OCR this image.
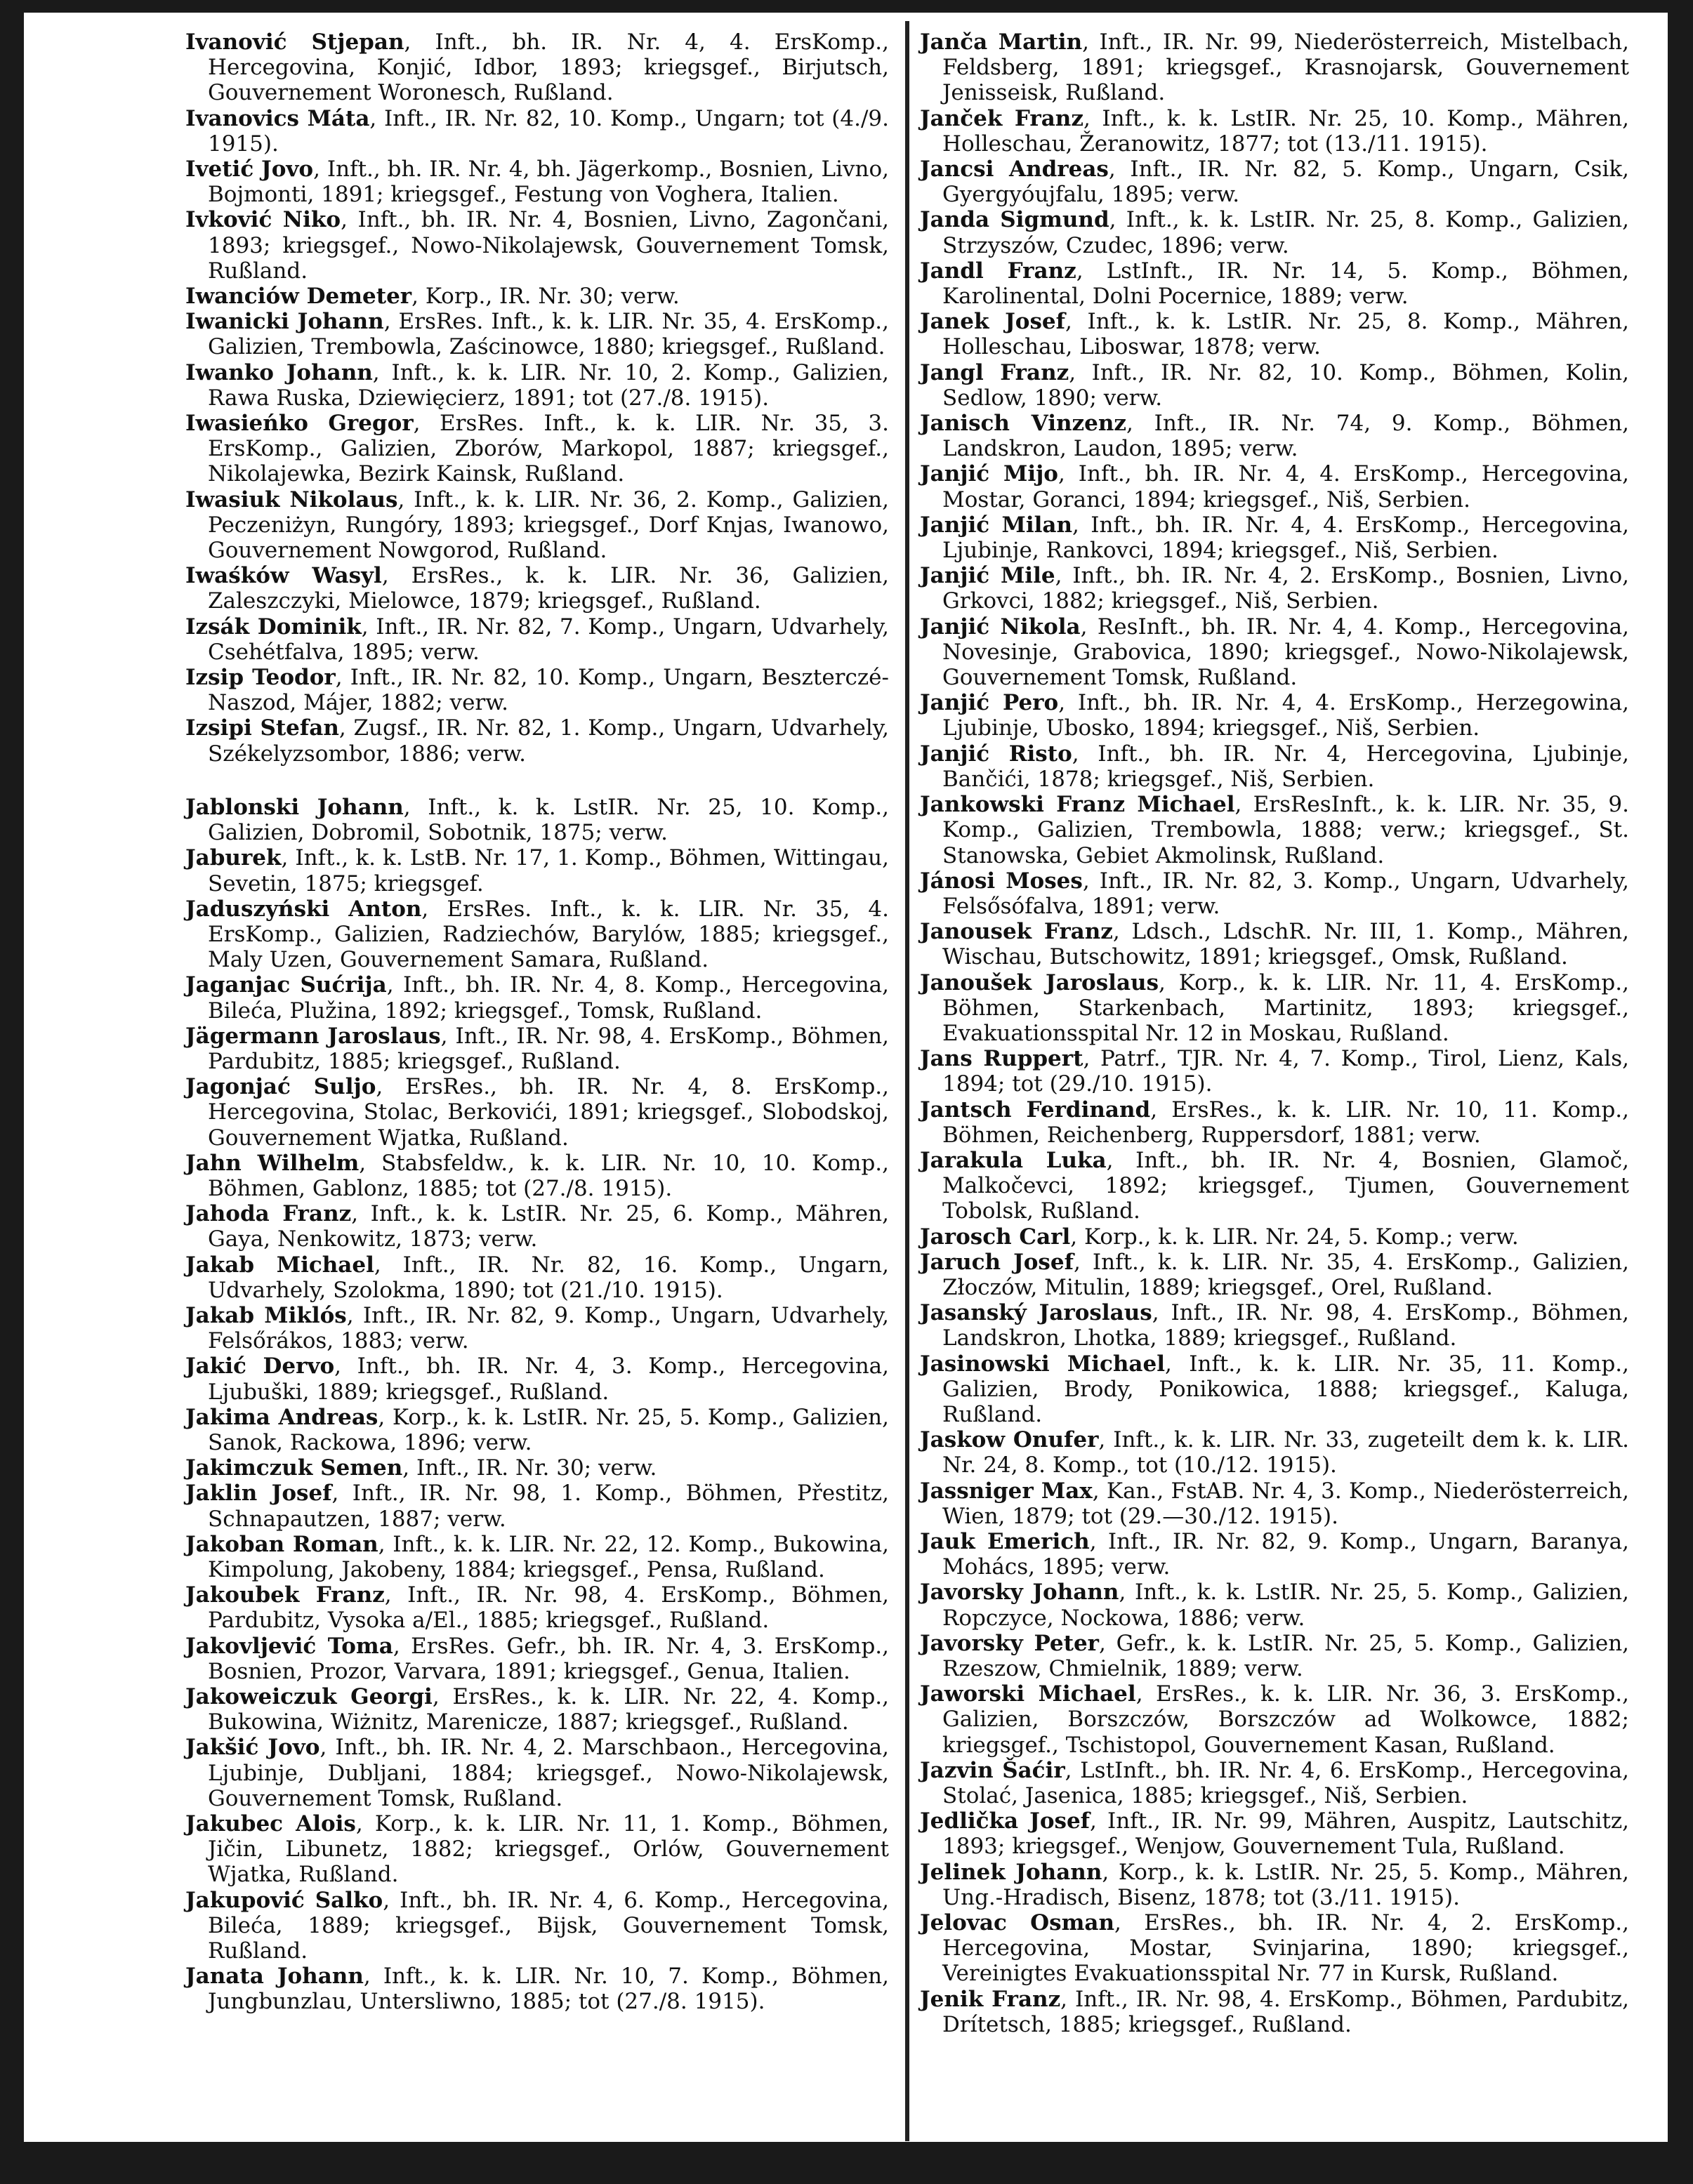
Ivanović Stjepan, Inft., bh. IR. Nr. 4, 4. ErsKomp., Hercegovina, Konjić, Idbor, 1893; kriegsgef., Birjutsch, Gouvernement Woronesch, Rußland.
Ivanovics Máta, Inft., IR. Nr. 82, 10. Komp., Ungarn; tot (4./9. 1915).
Ivetić Jovo, Inft., bh. IR. Nr. 4, bh. Jägerkomp., Bosnien, Livno, Bojmonti, 1891; kriegsgef., Festung von Voghera, Italien.
Ivković Niko, Inft., bh. IR. Nr. 4, Bosnien, Livno, Zagončani, 1893; kriegsgef., Nowo-Nikolajewsk, Gouvernement Tomsk, Rußland.
Iwanciów Demeter, Korp., IR. Nr. 30; verw.
Iwanicki Johann, ErsRes. Inft., k. k. LIR. Nr. 35, 4. ErsKomp., Galizien, Trembowla, Zaścinowce, 1880; kriegsgef., Rußland.
Iwanko Johann, Inft., k. k. LIR. Nr. 10, 2. Komp., Galizien, Rawa Ruska, Dziewięcierz, 1891; tot (27./8. 1915).
Iwasieńko Gregor, ErsRes. Inft., k. k. LIR. Nr. 35, 3. ErsKomp., Galizien, Zborów, Markopol, 1887; kriegsgef., Nikolajewka, Bezirk Kainsk, Rußland.
Iwasiuk Nikolaus, Inft., k. k. LIR. Nr. 36, 2. Komp., Galizien, Peczeniżyn, Rungóry, 1893; kriegsgef., Dorf Knjas, Iwanowo, Gouvernement Nowgorod, Rußland.
Iwaśków Wasyl, ErsRes., k. k. LIR. Nr. 36, Galizien, Zaleszczyki, Mielowce, 1879; kriegsgef., Rußland.
Izsák Dominik, Inft., IR. Nr. 82, 7. Komp., Ungarn, Udvarhely, Csehétfalva, 1895; verw.
Izsip Teodor, Inft., IR. Nr. 82, 10. Komp., Ungarn, Beszterczé-Naszod, Májer, 1882; verw.
Izsipi Stefan, Zugsf., IR. Nr. 82, 1. Komp., Ungarn, Udvarhely, Székelyzsombor, 1886; verw.
Jablonski Johann, Inft., k. k. LstIR. Nr. 25, 10. Komp., Galizien, Dobromil, Sobotnik, 1875; verw.
Jaburek, Inft., k. k. LstB. Nr. 17, 1. Komp., Böhmen, Wittingau, Sevetin, 1875; kriegsgef.
Jaduszyński Anton, ErsRes. Inft., k. k. LIR. Nr. 35, 4. ErsKomp., Galizien, Radziechów, Barylów, 1885; kriegsgef., Maly Uzen, Gouvernement Samara, Rußland.
Jaganjac Sućrija, Inft., bh. IR. Nr. 4, 8. Komp., Hercegovina, Bileća, Plužina, 1892; kriegsgef., Tomsk, Rußland.
Jägermann Jaroslaus, Inft., IR. Nr. 98, 4. ErsKomp., Böhmen, Pardubitz, 1885; kriegsgef., Rußland.
Jagonjać Suljo, ErsRes., bh. IR. Nr. 4, 8. ErsKomp., Hercegovina, Stolac, Berkovići, 1891; kriegsgef., Slobodskoj, Gouvernement Wjatka, Rußland.
Jahn Wilhelm, Stabsfeldw., k. k. LIR. Nr. 10, 10. Komp., Böhmen, Gablonz, 1885; tot (27./8. 1915).
Jahoda Franz, Inft., k. k. LstIR. Nr. 25, 6. Komp., Mähren, Gaya, Nenkowitz, 1873; verw.
Jakab Michael, Inft., IR. Nr. 82, 16. Komp., Ungarn, Udvarhely, Szolokma, 1890; tot (21./10. 1915).
Jakab Miklós, Inft., IR. Nr. 82, 9. Komp., Ungarn, Udvarhely, Felsőrákos, 1883; verw.
Jakić Dervo, Inft., bh. IR. Nr. 4, 3. Komp., Hercegovina, Ljubuški, 1889; kriegsgef., Rußland.
Jakima Andreas, Korp., k. k. LstIR. Nr. 25, 5. Komp., Galizien, Sanok, Rackowa, 1896; verw.
Jakimczuk Semen, Inft., IR. Nr. 30; verw.
Jaklin Josef, Inft., IR. Nr. 98, 1. Komp., Böhmen, Přestitz, Schnapautzen, 1887; verw.
Jakoban Roman, Inft., k. k. LIR. Nr. 22, 12. Komp., Bukowina, Kimpolung, Jakobeny, 1884; kriegsgef., Pensa, Rußland.
Jakoubek Franz, Inft., IR. Nr. 98, 4. ErsKomp., Böhmen, Pardubitz, Vysoka a/El., 1885; kriegsgef., Rußland.
Jakovljević Toma, ErsRes. Gefr., bh. IR. Nr. 4, 3. ErsKomp., Bosnien, Prozor, Varvara, 1891; kriegsgef., Genua, Italien.
Jakoweiczuk Georgi, ErsRes., k. k. LIR. Nr. 22, 4. Komp., Bukowina, Wiżnitz, Marenicze, 1887; kriegsgef., Rußland.
Jakšić Jovo, Inft., bh. IR. Nr. 4, 2. Marschbaon., Hercegovina, Ljubinje, Dubljani, 1884; kriegsgef., Nowo-Nikolajewsk, Gouvernement Tomsk, Rußland.
Jakubec Alois, Korp., k. k. LIR. Nr. 11, 1. Komp., Böhmen, Jičin, Libunetz, 1882; kriegsgef., Orlów, Gouvernement Wjatka, Rußland.
Jakupović Salko, Inft., bh. IR. Nr. 4, 6. Komp., Hercegovina, Bileća, 1889; kriegsgef., Bijsk, Gouvernement Tomsk, Rußland.
Janata Johann, Inft., k. k. LIR. Nr. 10, 7. Komp., Böhmen, Jungbunzlau, Untersliwno, 1885; tot (27./8. 1915).
Janča Martin, Inft., IR. Nr. 99, Niederösterreich, Mistelbach, Feldsberg, 1891; kriegsgef., Krasnojarsk, Gouvernement Jenisseisk, Rußland.
Janček Franz, Inft., k. k. LstIR. Nr. 25, 10. Komp., Mähren, Holleschau, Žeranowitz, 1877; tot (13./11. 1915).
Jancsi Andreas, Inft., IR. Nr. 82, 5. Komp., Ungarn, Csik, Gyergyóujfalu, 1895; verw.
Janda Sigmund, Inft., k. k. LstIR. Nr. 25, 8. Komp., Galizien, Strzyszów, Czudec, 1896; verw.
Jandl Franz, LstInft., IR. Nr. 14, 5. Komp., Böhmen, Karolinental, Dolni Pocernice, 1889; verw.
Janek Josef, Inft., k. k. LstIR. Nr. 25, 8. Komp., Mähren, Holleschau, Liboswar, 1878; verw.
Jangl Franz, Inft., IR. Nr. 82, 10. Komp., Böhmen, Kolin, Sedlow, 1890; verw.
Janisch Vinzenz, Inft., IR. Nr. 74, 9. Komp., Böhmen, Landskron, Laudon, 1895; verw.
Janjić Mijo, Inft., bh. IR. Nr. 4, 4. ErsKomp., Hercegovina, Mostar, Goranci, 1894; kriegsgef., Niš, Serbien.
Janjić Milan, Inft., bh. IR. Nr. 4, 4. ErsKomp., Hercegovina, Ljubinje, Rankovci, 1894; kriegsgef., Niš, Serbien.
Janjić Mile, Inft., bh. IR. Nr. 4, 2. ErsKomp., Bosnien, Livno, Grkovci, 1882; kriegsgef., Niš, Serbien.
Janjić Nikola, ResInft., bh. IR. Nr. 4, 4. Komp., Hercegovina, Novesinje, Grabovica, 1890; kriegsgef., Nowo-Nikolajewsk, Gouvernement Tomsk, Rußland.
Janjić Pero, Inft., bh. IR. Nr. 4, 4. ErsKomp., Herzegowina, Ljubinje, Ubosko, 1894; kriegsgef., Niš, Serbien.
Janjić Risto, Inft., bh. IR. Nr. 4, Hercegovina, Ljubinje, Bančići, 1878; kriegsgef., Niš, Serbien.
Jankowski Franz Michael, ErsResInft., k. k. LIR. Nr. 35, 9. Komp., Galizien, Trembowla, 1888; verw.; kriegsgef., St. Stanowska, Gebiet Akmolinsk, Rußland.
Jánosi Moses, Inft., IR. Nr. 82, 3. Komp., Ungarn, Udvarhely, Felsősófalva, 1891; verw.
Janousek Franz, Ldsch., LdschR. Nr. III, 1. Komp., Mähren, Wischau, Butschowitz, 1891; kriegsgef., Omsk, Rußland.
Janoušek Jaroslaus, Korp., k. k. LIR. Nr. 11, 4. ErsKomp., Böhmen, Starkenbach, Martinitz, 1893; kriegsgef., Evakuationsspital Nr. 12 in Moskau, Rußland.
Jans Ruppert, Patrf., TJR. Nr. 4, 7. Komp., Tirol, Lienz, Kals, 1894; tot (29./10. 1915).
Jantsch Ferdinand, ErsRes., k. k. LIR. Nr. 10, 11. Komp., Böhmen, Reichenberg, Ruppersdorf, 1881; verw.
Jarakula Luka, Inft., bh. IR. Nr. 4, Bosnien, Glamoč, Malkočevci, 1892; kriegsgef., Tjumen, Gouvernement Tobolsk, Rußland.
Jarosch Carl, Korp., k. k. LIR. Nr. 24, 5. Komp.; verw.
Jaruch Josef, Inft., k. k. LIR. Nr. 35, 4. ErsKomp., Galizien, Złoczów, Mitulin, 1889; kriegsgef., Orel, Rußland.
Jasanský Jaroslaus, Inft., IR. Nr. 98, 4. ErsKomp., Böhmen, Landskron, Lhotka, 1889; kriegsgef., Rußland.
Jasinowski Michael, Inft., k. k. LIR. Nr. 35, 11. Komp., Galizien, Brody, Ponikowica, 1888; kriegsgef., Kaluga, Rußland.
Jaskow Onufer, Inft., k. k. LIR. Nr. 33, zugeteilt dem k. k. LIR. Nr. 24, 8. Komp., tot (10./12. 1915).
Jassniger Max, Kan., FstAB. Nr. 4, 3. Komp., Niederösterreich, Wien, 1879; tot (29.—30./12. 1915).
Jauk Emerich, Inft., IR. Nr. 82, 9. Komp., Ungarn, Baranya, Mohács, 1895; verw.
Javorsky Johann, Inft., k. k. LstIR. Nr. 25, 5. Komp., Galizien, Ropczyce, Nockowa, 1886; verw.
Javorsky Peter, Gefr., k. k. LstIR. Nr. 25, 5. Komp., Galizien, Rzeszow, Chmielnik, 1889; verw.
Jaworski Michael, ErsRes., k. k. LIR. Nr. 36, 3. ErsKomp., Galizien, Borszczów, Borszczów ad Wolkowce, 1882; kriegsgef., Tschistopol, Gouvernement Kasan, Rußland.
Jazvin Šaćir, LstInft., bh. IR. Nr. 4, 6. ErsKomp., Hercegovina, Stolać, Jasenica, 1885; kriegsgef., Niš, Serbien.
Jedlička Josef, Inft., IR. Nr. 99, Mähren, Auspitz, Lautschitz, 1893; kriegsgef., Wenjow, Gouvernement Tula, Rußland.
Jelinek Johann, Korp., k. k. LstIR. Nr. 25, 5. Komp., Mähren, Ung.-Hradisch, Bisenz, 1878; tot (3./11. 1915).
Jelovac Osman, ErsRes., bh. IR. Nr. 4, 2. ErsKomp., Hercegovina, Mostar, Svinjarina, 1890; kriegsgef., Vereinigtes Evakuationsspital Nr. 77 in Kursk, Rußland.
Jenik Franz, Inft., IR. Nr. 98, 4. ErsKomp., Böhmen, Pardubitz, Drítetsch, 1885; kriegsgef., Rußland.
